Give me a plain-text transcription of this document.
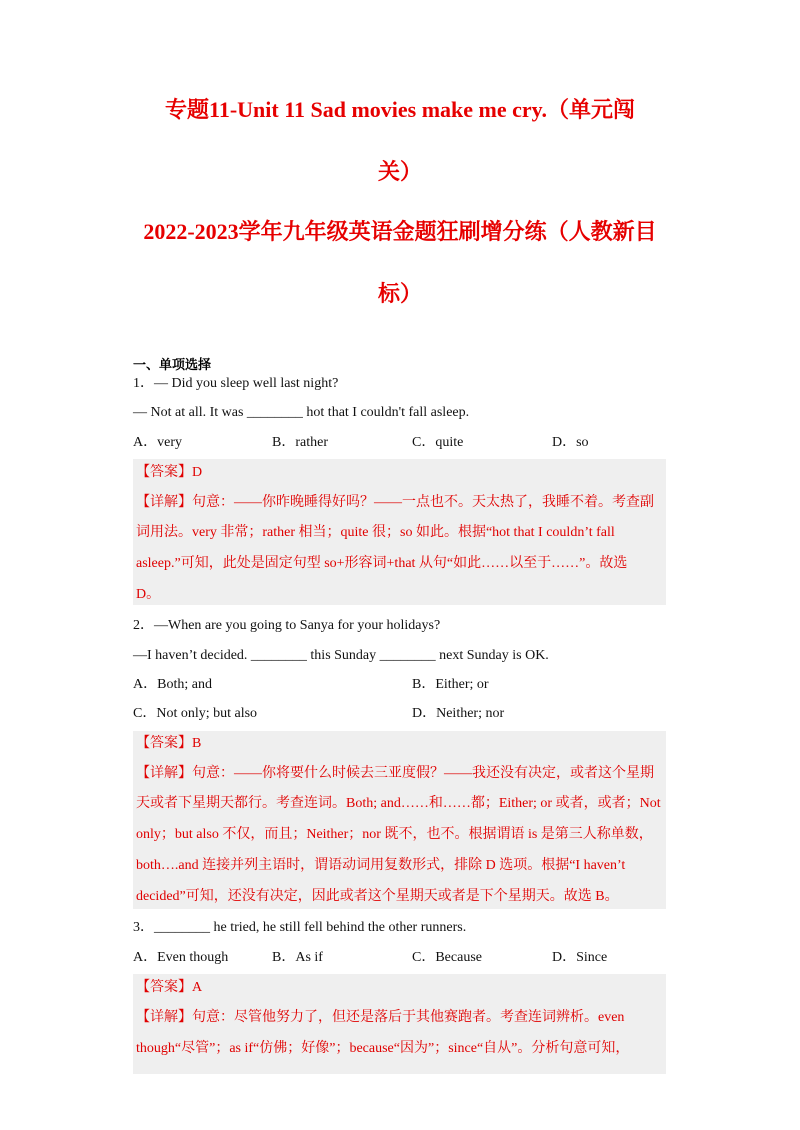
专题11-Unit 11 Sad movies make me cry.（单元闯
关）
2022-2023学年九年级英语金题狂刷增分练（人教新目
标）
一、单项选择
1．— Did you sleep well last night?
— Not at all. It was ________ hot that I couldn't fall asleep.
A．very	B．rather	C．quite	D．so
【答案】D
【详解】句意：——你昨晚睡得好吗？——一点也不。天太热了，我睡不着。考查副
词用法。very 非常；rather 相当；quite 很；so 如此。根据“hot that I couldn’t fall
asleep.”可知，此处是固定句型 so+形容词+that 从句“如此……以至于……”。故选
D。
2．—When are you going to Sanya for your holidays?
—I haven’t decided. ________ this Sunday ________ next Sunday is OK.
A．Both; and	B．Either; or
C．Not only; but also	D．Neither; nor
【答案】B
【详解】句意：——你将要什么时候去三亚度假？——我还没有决定，或者这个星期
天或者下星期天都行。考查连词。Both; and……和……都；Either; or 或者，或者；Not
only；but also 不仅，而且；Neither；nor 既不，也不。根据谓语 is 是第三人称单数，
both….and 连接并列主语时，谓语动词用复数形式，排除 D 选项。根据“I haven’t
decided”可知，还没有决定，因此或者这个星期天或者是下个星期天。故选 B。
3．________ he tried, he still fell behind the other runners.
A．Even though	B．As if	C．Because	D．Since
【答案】A
【详解】句意：尽管他努力了，但还是落后于其他赛跑者。考查连词辨析。even
though“尽管”；as if“仿佛；好像”；because“因为”；since“自从”。分析句意可知，
